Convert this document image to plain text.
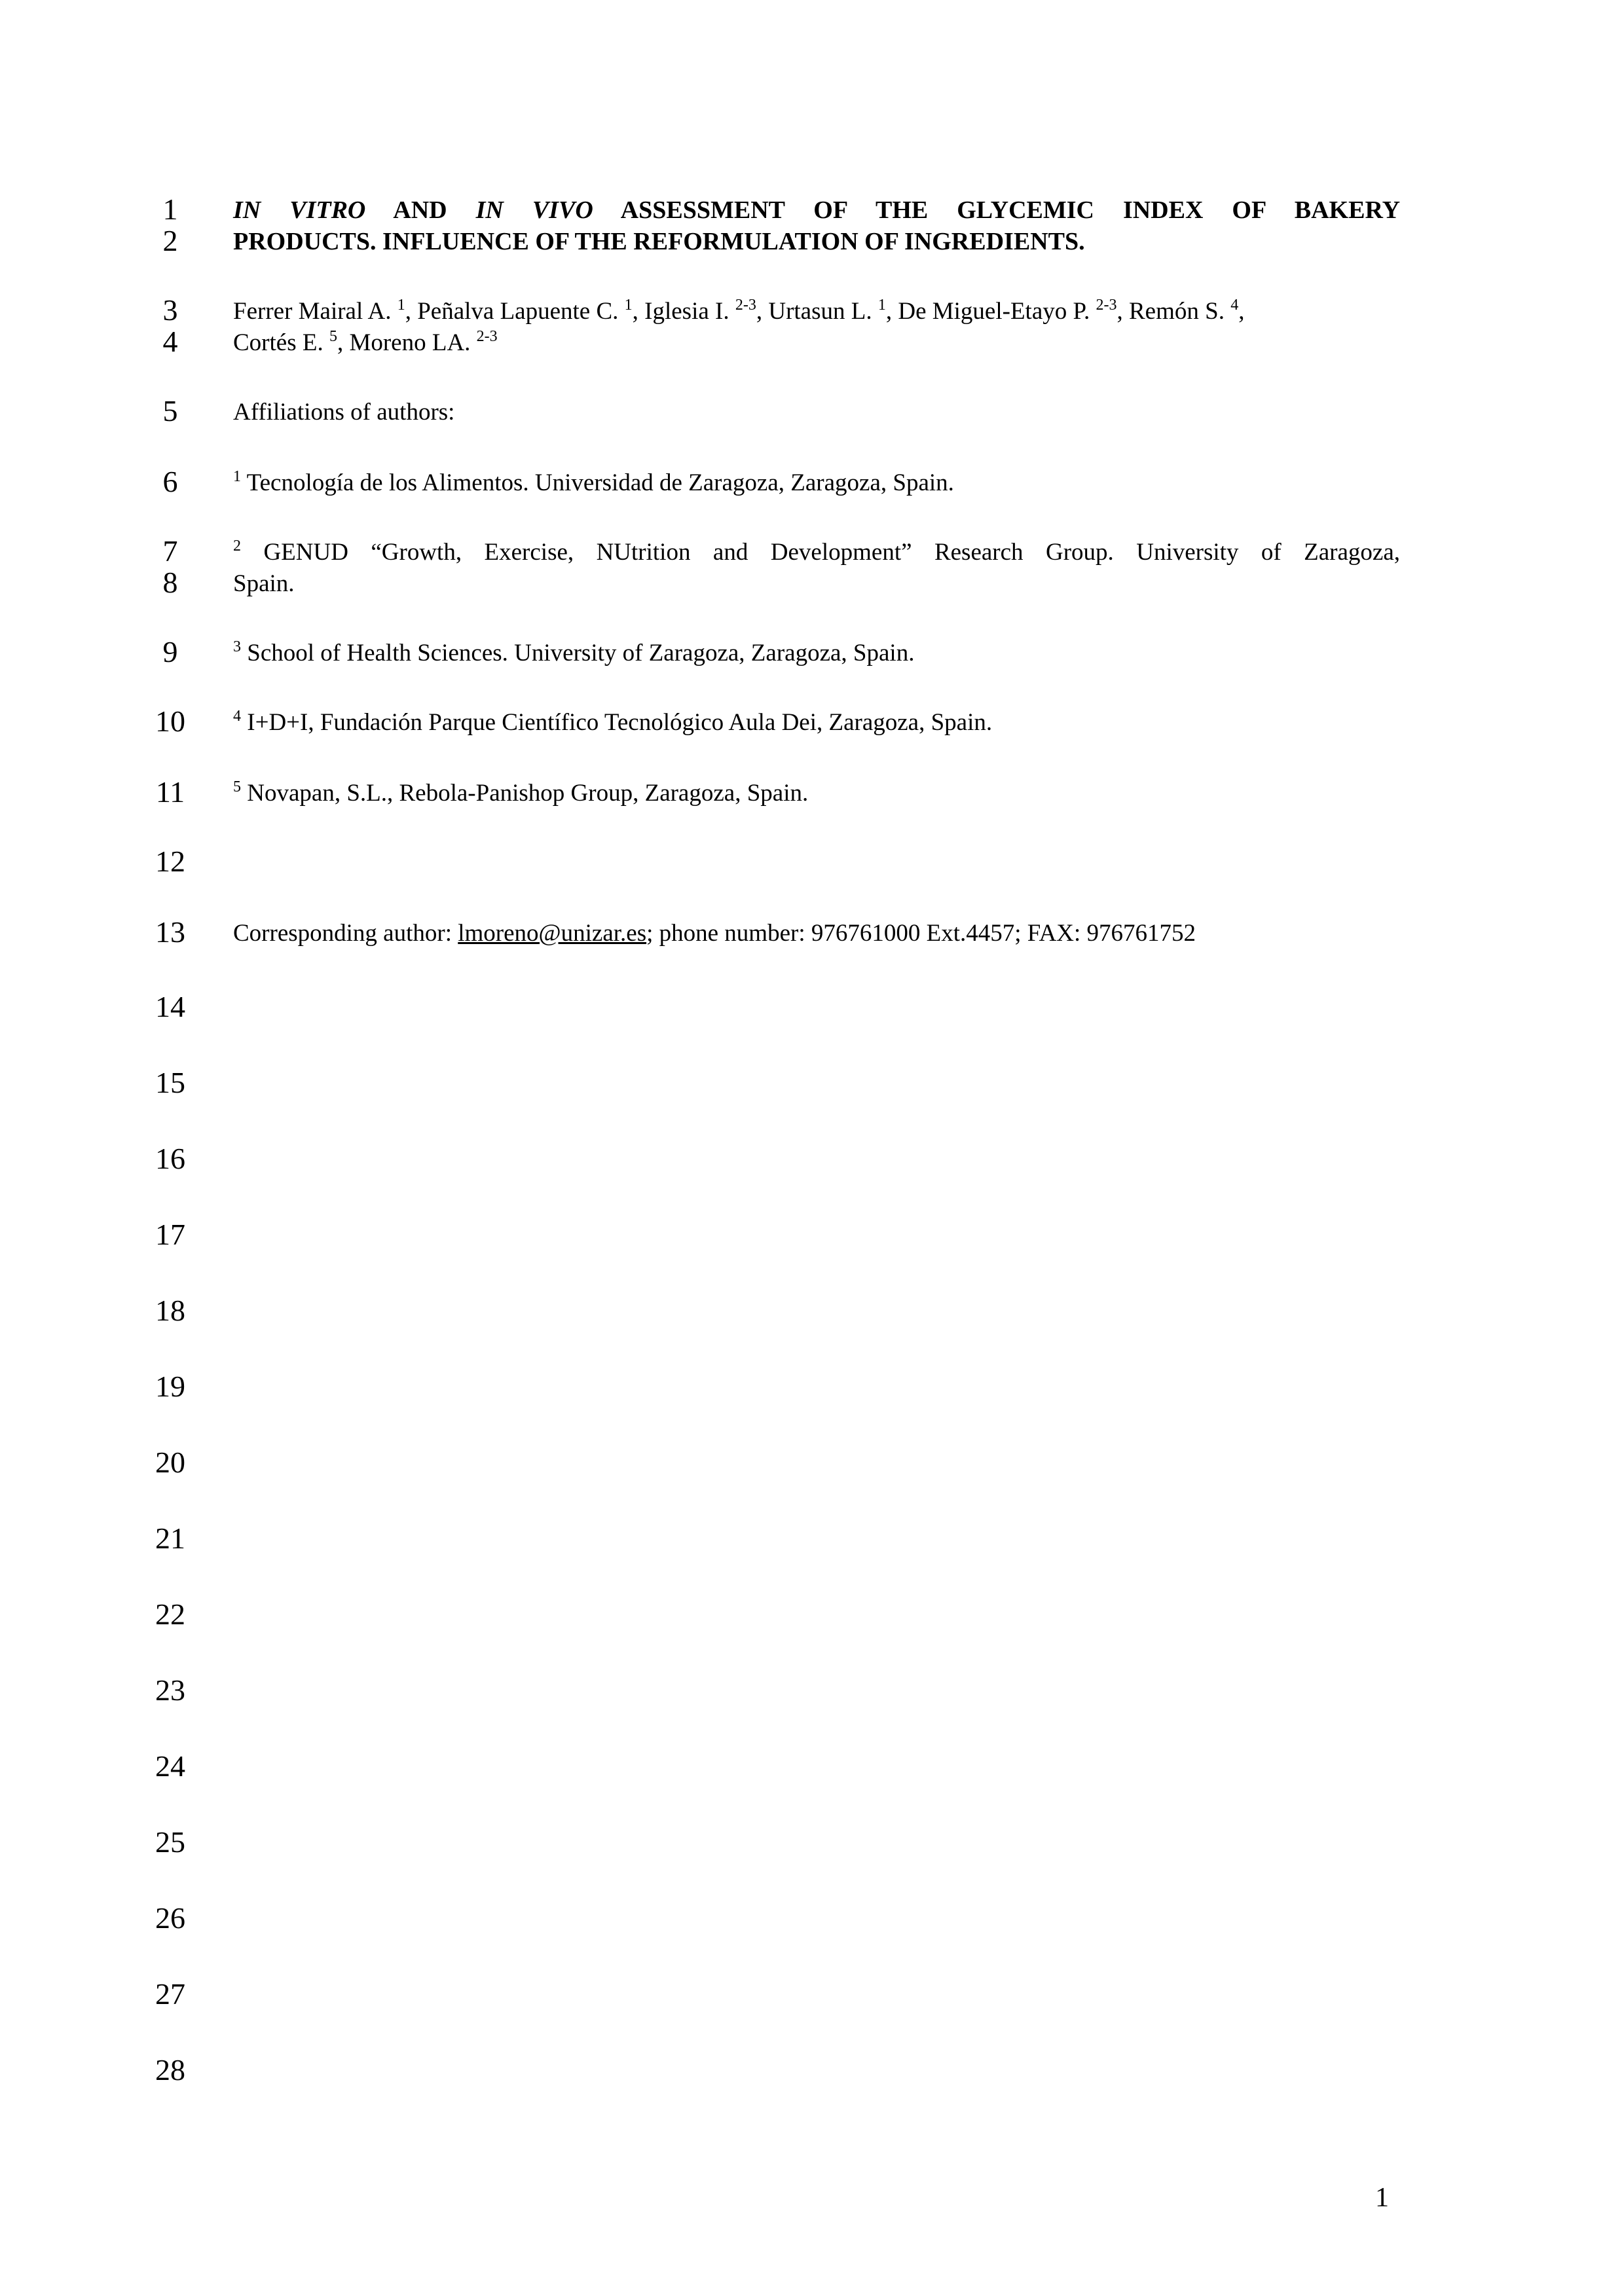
1
2
3
4
5
6
7
8
9
10
11
12
13
14
15
16
17
18
19
20
21
22
23
24
25
26
27
28
IN VITRO AND IN VIVO ASSESSMENT OF THE GLYCEMIC INDEX OF BAKERY
PRODUCTS. INFLUENCE OF THE REFORMULATION OF INGREDIENTS.
Ferrer Mairal A. $^1$, Peñalva Lapuente C. $^1$, Iglesia I. $^{2-3}$, Urtasun L. $^1$, De Miguel-Etayo P. $^{2-3}$, Remón S. $^4$,
Cortés E. $^5$, Moreno LA. $^{2-3}$
Affiliations of authors:
$^1$ Tecnología de los Alimentos. Universidad de Zaragoza, Zaragoza, Spain.
$^2$ GENUD “Growth, Exercise, NUtrition and Development” Research Group. University of Zaragoza,
Spain.
$^3$ School of Health Sciences. University of Zaragoza, Zaragoza, Spain.
$^4$ I+D+I, Fundación Parque Científico Tecnológico Aula Dei, Zaragoza, Spain.
$^5$ Novapan, S.L., Rebola-Panishop Group, Zaragoza, Spain.
Corresponding author: lmoreno@unizar.es; phone number: 976761000 Ext.4457; FAX: 976761752
1
